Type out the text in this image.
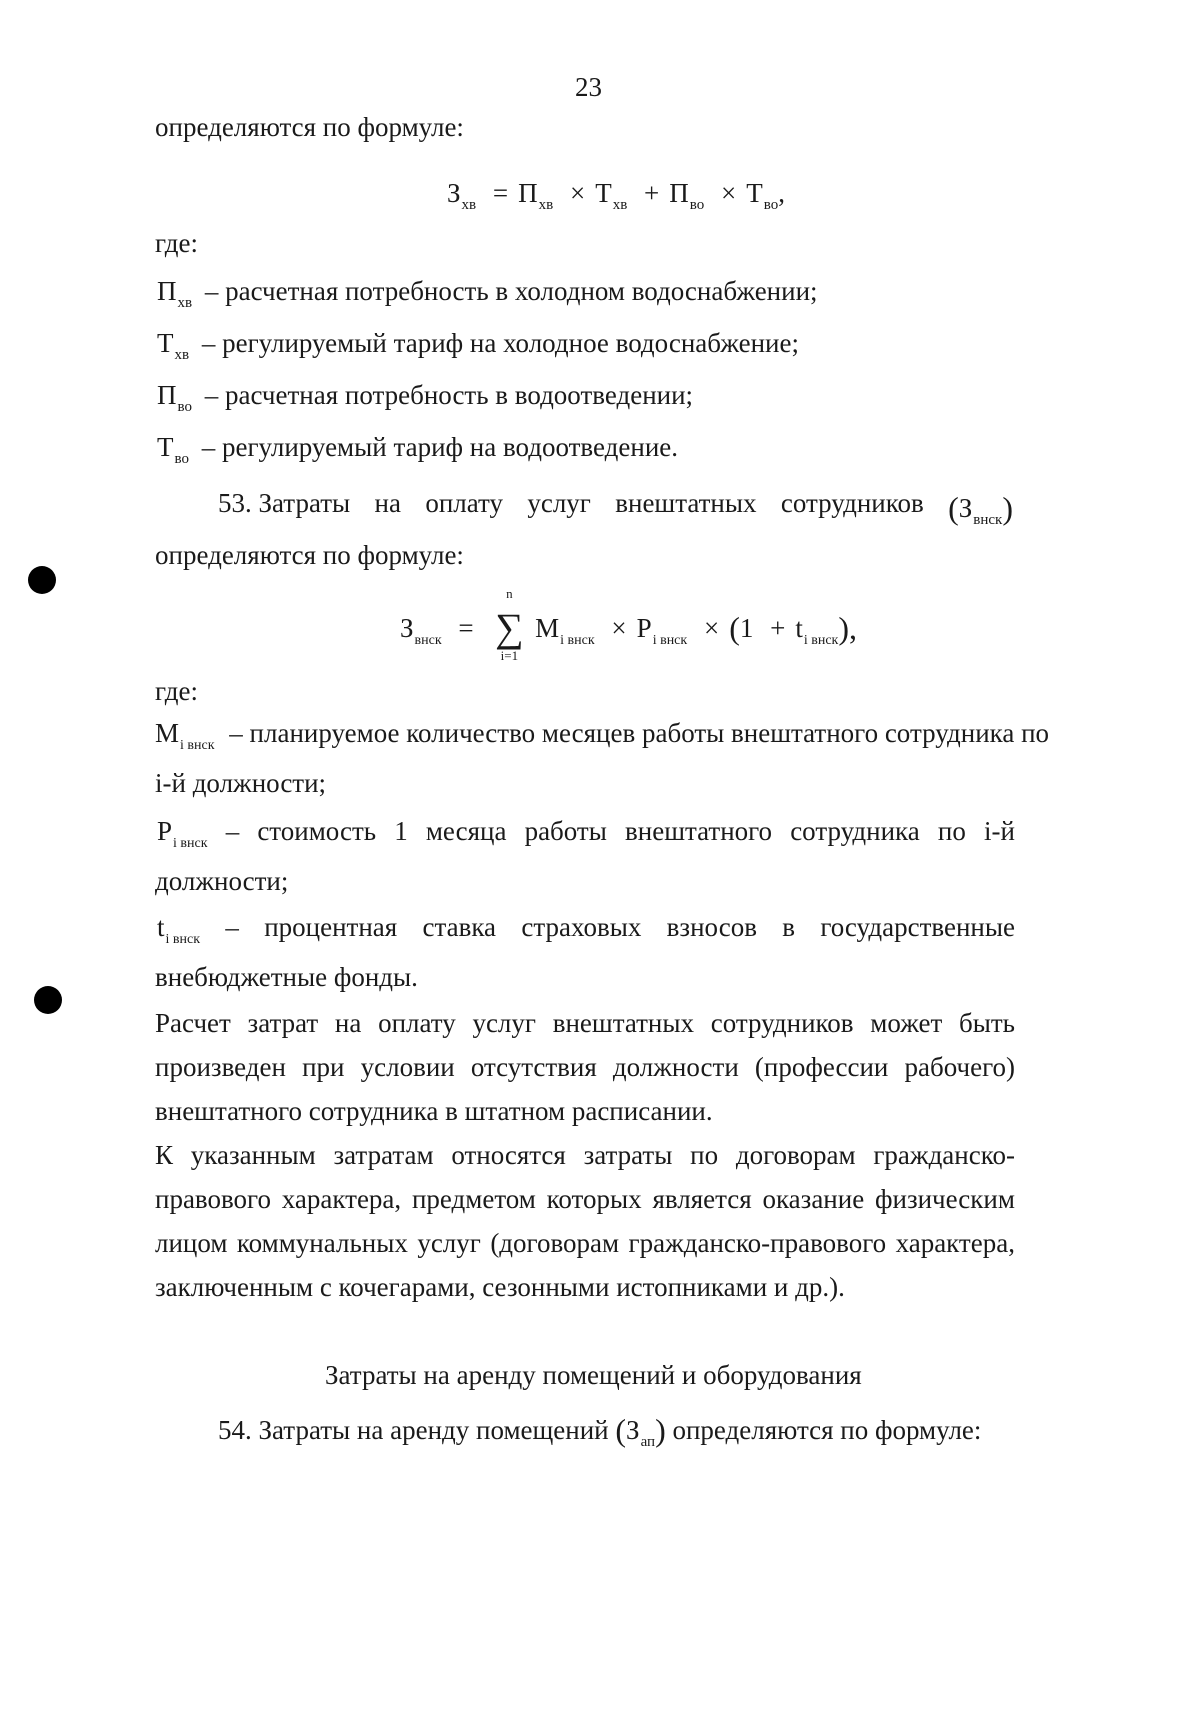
23
определяются по формуле:
$З_{хв} = П_{хв} \times Т_{хв} + П_{во} \times Т_{во}$,
где:
$П_{хв}$ – расчетная потребность в холодном водоснабжении;
$Т_{хв}$ – регулируемый тариф на холодное водоснабжение;
$П_{во}$ – расчетная потребность в водоотведении;
$Т_{во}$ – регулируемый тариф на водоотведение.
53. Затраты на оплату услуг внештатных сотрудников $(З_{внск})$
определяются по формуле:
$З_{внск}$ =
n
∑
i=1
$M_{i внск} \times P_{i внск} \times (1 + t_{i внск})$,
где:
$M_{i внск}$ – планируемое количество месяцев работы внештатного сотрудника по
i-й должности;
$P_{i внск}$ – стоимость 1 месяца работы внештатного сотрудника по i-й
должности;
$t_{i внск}$ – процентная ставка страховых взносов в государственные
внебюджетные фонды.
Расчет затрат на оплату услуг внештатных сотрудников может быть
произведен при условии отсутствия должности (профессии рабочего)
внештатного сотрудника в штатном расписании.
К указанным затратам относятся затраты по договорам гражданско-
правового характера, предметом которых является оказание физическим
лицом коммунальных услуг (договорам гражданско-правового характера,
заключенным с кочегарами, сезонными истопниками и др.).
Затраты на аренду помещений и оборудования
54. Затраты на аренду помещений $(З_{ап})$ определяются по формуле:
